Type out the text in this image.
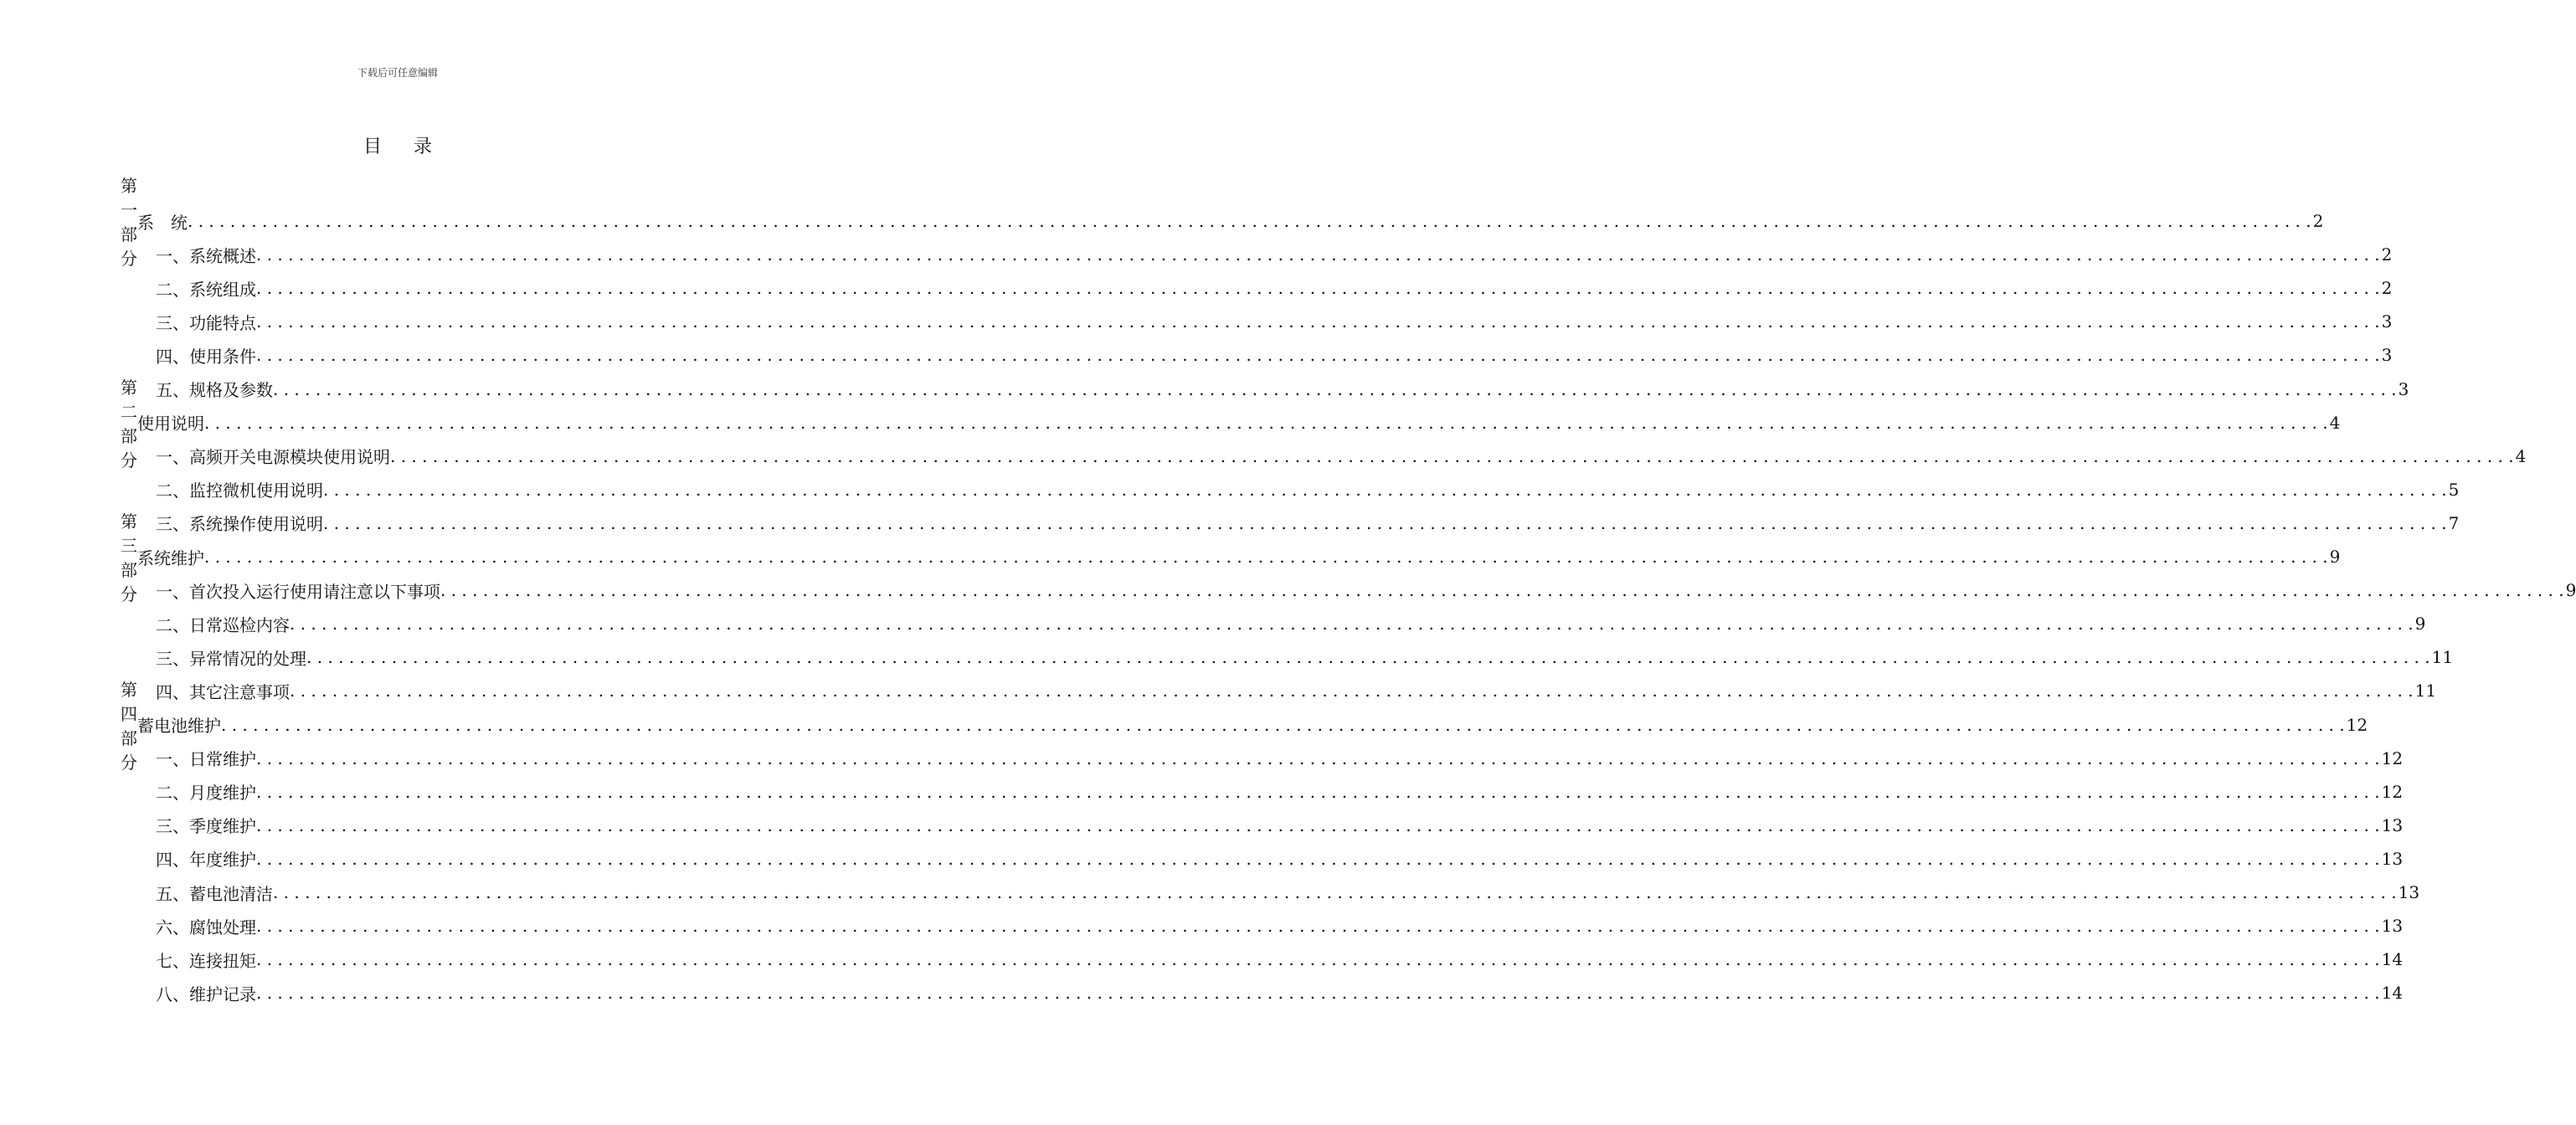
下载后可任意编辑
目 录
第一部分
系　统 . . . . . . . . . . . . . . . . . . . . . . . . . . . . . . . . . . . . . . . . . . . . . . . . . . . . . . . . . . . . . . . . . . . . . . . . . . . . . . . . . . . . . . . . . . . . . . . . . . . . . . . . . . . . . . . . . . . . . . . . . . . . . . . . . . . . . . . . . . . . . . . . . . . . . . . . . . . . . . . . . . . . . . . . . . . . . . . . . . . . . . . . . . . . . . . . . . . . . . . . 2
一、 系统概述 . . . . . . . . . . . . . . . . . . . . . . . . . . . . . . . . . . . . . . . . . . . . . . . . . . . . . . . . . . . . . . . . . . . . . . . . . . . . . . . . . . . . . . . . . . . . . . . . . . . . . . . . . . . . . . . . . . . . . . . . . . . . . . . . . . . . . . . . . . . . . . . . . . . . . . . . . . . . . . . . . . . . . . . . . . . . . . . . . . . . . . . . . . . . . . . . . . . . . . . . 2
二、 系统组成 . . . . . . . . . . . . . . . . . . . . . . . . . . . . . . . . . . . . . . . . . . . . . . . . . . . . . . . . . . . . . . . . . . . . . . . . . . . . . . . . . . . . . . . . . . . . . . . . . . . . . . . . . . . . . . . . . . . . . . . . . . . . . . . . . . . . . . . . . . . . . . . . . . . . . . . . . . . . . . . . . . . . . . . . . . . . . . . . . . . . . . . . . . . . . . . . . . . . . . . . 2
三、 功能特点 . . . . . . . . . . . . . . . . . . . . . . . . . . . . . . . . . . . . . . . . . . . . . . . . . . . . . . . . . . . . . . . . . . . . . . . . . . . . . . . . . . . . . . . . . . . . . . . . . . . . . . . . . . . . . . . . . . . . . . . . . . . . . . . . . . . . . . . . . . . . . . . . . . . . . . . . . . . . . . . . . . . . . . . . . . . . . . . . . . . . . . . . . . . . . . . . . . . . . . . . 3
四、 使用条件 . . . . . . . . . . . . . . . . . . . . . . . . . . . . . . . . . . . . . . . . . . . . . . . . . . . . . . . . . . . . . . . . . . . . . . . . . . . . . . . . . . . . . . . . . . . . . . . . . . . . . . . . . . . . . . . . . . . . . . . . . . . . . . . . . . . . . . . . . . . . . . . . . . . . . . . . . . . . . . . . . . . . . . . . . . . . . . . . . . . . . . . . . . . . . . . . . . . . . . . . 3
五、 规格及参数 . . . . . . . . . . . . . . . . . . . . . . . . . . . . . . . . . . . . . . . . . . . . . . . . . . . . . . . . . . . . . . . . . . . . . . . . . . . . . . . . . . . . . . . . . . . . . . . . . . . . . . . . . . . . . . . . . . . . . . . . . . . . . . . . . . . . . . . . . . . . . . . . . . . . . . . . . . . . . . . . . . . . . . . . . . . . . . . . . . . . . . . . . . . . . . . . . . . . . . . . 3
第二部分
使用说明 . . . . . . . . . . . . . . . . . . . . . . . . . . . . . . . . . . . . . . . . . . . . . . . . . . . . . . . . . . . . . . . . . . . . . . . . . . . . . . . . . . . . . . . . . . . . . . . . . . . . . . . . . . . . . . . . . . . . . . . . . . . . . . . . . . . . . . . . . . . . . . . . . . . . . . . . . . . . . . . . . . . . . . . . . . . . . . . . . . . . . . . . . . . . . . . . . . . . . . . . 4
一、 高频开关电源模块使用说明 . . . . . . . . . . . . . . . . . . . . . . . . . . . . . . . . . . . . . . . . . . . . . . . . . . . . . . . . . . . . . . . . . . . . . . . . . . . . . . . . . . . . . . . . . . . . . . . . . . . . . . . . . . . . . . . . . . . . . . . . . . . . . . . . . . . . . . . . . . . . . . . . . . . . . . . . . . . . . . . . . . . . . . . . . . . . . . . . . . . . . . . . . . . . . . . . . . . . . . . . 4
二、 监控微机使用说明 . . . . . . . . . . . . . . . . . . . . . . . . . . . . . . . . . . . . . . . . . . . . . . . . . . . . . . . . . . . . . . . . . . . . . . . . . . . . . . . . . . . . . . . . . . . . . . . . . . . . . . . . . . . . . . . . . . . . . . . . . . . . . . . . . . . . . . . . . . . . . . . . . . . . . . . . . . . . . . . . . . . . . . . . . . . . . . . . . . . . . . . . . . . . . . . . . . . . . . . . 5
三、 系统操作使用说明 . . . . . . . . . . . . . . . . . . . . . . . . . . . . . . . . . . . . . . . . . . . . . . . . . . . . . . . . . . . . . . . . . . . . . . . . . . . . . . . . . . . . . . . . . . . . . . . . . . . . . . . . . . . . . . . . . . . . . . . . . . . . . . . . . . . . . . . . . . . . . . . . . . . . . . . . . . . . . . . . . . . . . . . . . . . . . . . . . . . . . . . . . . . . . . . . . . . . . . . . 7
第三部分
系统维护 . . . . . . . . . . . . . . . . . . . . . . . . . . . . . . . . . . . . . . . . . . . . . . . . . . . . . . . . . . . . . . . . . . . . . . . . . . . . . . . . . . . . . . . . . . . . . . . . . . . . . . . . . . . . . . . . . . . . . . . . . . . . . . . . . . . . . . . . . . . . . . . . . . . . . . . . . . . . . . . . . . . . . . . . . . . . . . . . . . . . . . . . . . . . . . . . . . . . . . . . 9
一、 首次投入运行使用请注意以下事项 . . . . . . . . . . . . . . . . . . . . . . . . . . . . . . . . . . . . . . . . . . . . . . . . . . . . . . . . . . . . . . . . . . . . . . . . . . . . . . . . . . . . . . . . . . . . . . . . . . . . . . . . . . . . . . . . . . . . . . . . . . . . . . . . . . . . . . . . . . . . . . . . . . . . . . . . . . . . . . . . . . . . . . . . . . . . . . . . . . . . . . . . . . . . . . . . . . . . . . . . 9
二、 日常巡检内容 . . . . . . . . . . . . . . . . . . . . . . . . . . . . . . . . . . . . . . . . . . . . . . . . . . . . . . . . . . . . . . . . . . . . . . . . . . . . . . . . . . . . . . . . . . . . . . . . . . . . . . . . . . . . . . . . . . . . . . . . . . . . . . . . . . . . . . . . . . . . . . . . . . . . . . . . . . . . . . . . . . . . . . . . . . . . . . . . . . . . . . . . . . . . . . . . . . . . . . . . 9
三、 异常情况的处理 . . . . . . . . . . . . . . . . . . . . . . . . . . . . . . . . . . . . . . . . . . . . . . . . . . . . . . . . . . . . . . . . . . . . . . . . . . . . . . . . . . . . . . . . . . . . . . . . . . . . . . . . . . . . . . . . . . . . . . . . . . . . . . . . . . . . . . . . . . . . . . . . . . . . . . . . . . . . . . . . . . . . . . . . . . . . . . . . . . . . . . . . . . . . . . . . . . . . . . . . 11
四、 其它注意事项 . . . . . . . . . . . . . . . . . . . . . . . . . . . . . . . . . . . . . . . . . . . . . . . . . . . . . . . . . . . . . . . . . . . . . . . . . . . . . . . . . . . . . . . . . . . . . . . . . . . . . . . . . . . . . . . . . . . . . . . . . . . . . . . . . . . . . . . . . . . . . . . . . . . . . . . . . . . . . . . . . . . . . . . . . . . . . . . . . . . . . . . . . . . . . . . . . . . . . . . . 11
第四部分
蓄电池维护 . . . . . . . . . . . . . . . . . . . . . . . . . . . . . . . . . . . . . . . . . . . . . . . . . . . . . . . . . . . . . . . . . . . . . . . . . . . . . . . . . . . . . . . . . . . . . . . . . . . . . . . . . . . . . . . . . . . . . . . . . . . . . . . . . . . . . . . . . . . . . . . . . . . . . . . . . . . . . . . . . . . . . . . . . . . . . . . . . . . . . . . . . . . . . . . . . . . . . . . . 12
一、 日常维护 . . . . . . . . . . . . . . . . . . . . . . . . . . . . . . . . . . . . . . . . . . . . . . . . . . . . . . . . . . . . . . . . . . . . . . . . . . . . . . . . . . . . . . . . . . . . . . . . . . . . . . . . . . . . . . . . . . . . . . . . . . . . . . . . . . . . . . . . . . . . . . . . . . . . . . . . . . . . . . . . . . . . . . . . . . . . . . . . . . . . . . . . . . . . . . . . . . . . . . . . 12
二、 月度维护 . . . . . . . . . . . . . . . . . . . . . . . . . . . . . . . . . . . . . . . . . . . . . . . . . . . . . . . . . . . . . . . . . . . . . . . . . . . . . . . . . . . . . . . . . . . . . . . . . . . . . . . . . . . . . . . . . . . . . . . . . . . . . . . . . . . . . . . . . . . . . . . . . . . . . . . . . . . . . . . . . . . . . . . . . . . . . . . . . . . . . . . . . . . . . . . . . . . . . . . . 12
三、 季度维护 . . . . . . . . . . . . . . . . . . . . . . . . . . . . . . . . . . . . . . . . . . . . . . . . . . . . . . . . . . . . . . . . . . . . . . . . . . . . . . . . . . . . . . . . . . . . . . . . . . . . . . . . . . . . . . . . . . . . . . . . . . . . . . . . . . . . . . . . . . . . . . . . . . . . . . . . . . . . . . . . . . . . . . . . . . . . . . . . . . . . . . . . . . . . . . . . . . . . . . . . 13
四、 年度维护 . . . . . . . . . . . . . . . . . . . . . . . . . . . . . . . . . . . . . . . . . . . . . . . . . . . . . . . . . . . . . . . . . . . . . . . . . . . . . . . . . . . . . . . . . . . . . . . . . . . . . . . . . . . . . . . . . . . . . . . . . . . . . . . . . . . . . . . . . . . . . . . . . . . . . . . . . . . . . . . . . . . . . . . . . . . . . . . . . . . . . . . . . . . . . . . . . . . . . . . . 13
五、 蓄电池清洁 . . . . . . . . . . . . . . . . . . . . . . . . . . . . . . . . . . . . . . . . . . . . . . . . . . . . . . . . . . . . . . . . . . . . . . . . . . . . . . . . . . . . . . . . . . . . . . . . . . . . . . . . . . . . . . . . . . . . . . . . . . . . . . . . . . . . . . . . . . . . . . . . . . . . . . . . . . . . . . . . . . . . . . . . . . . . . . . . . . . . . . . . . . . . . . . . . . . . . . . . 13
六、 腐蚀处理 . . . . . . . . . . . . . . . . . . . . . . . . . . . . . . . . . . . . . . . . . . . . . . . . . . . . . . . . . . . . . . . . . . . . . . . . . . . . . . . . . . . . . . . . . . . . . . . . . . . . . . . . . . . . . . . . . . . . . . . . . . . . . . . . . . . . . . . . . . . . . . . . . . . . . . . . . . . . . . . . . . . . . . . . . . . . . . . . . . . . . . . . . . . . . . . . . . . . . . . . 13
七、 连接扭矩 . . . . . . . . . . . . . . . . . . . . . . . . . . . . . . . . . . . . . . . . . . . . . . . . . . . . . . . . . . . . . . . . . . . . . . . . . . . . . . . . . . . . . . . . . . . . . . . . . . . . . . . . . . . . . . . . . . . . . . . . . . . . . . . . . . . . . . . . . . . . . . . . . . . . . . . . . . . . . . . . . . . . . . . . . . . . . . . . . . . . . . . . . . . . . . . . . . . . . . . . 14
八、 维护记录 . . . . . . . . . . . . . . . . . . . . . . . . . . . . . . . . . . . . . . . . . . . . . . . . . . . . . . . . . . . . . . . . . . . . . . . . . . . . . . . . . . . . . . . . . . . . . . . . . . . . . . . . . . . . . . . . . . . . . . . . . . . . . . . . . . . . . . . . . . . . . . . . . . . . . . . . . . . . . . . . . . . . . . . . . . . . . . . . . . . . . . . . . . . . . . . . . . . . . . . . 14
